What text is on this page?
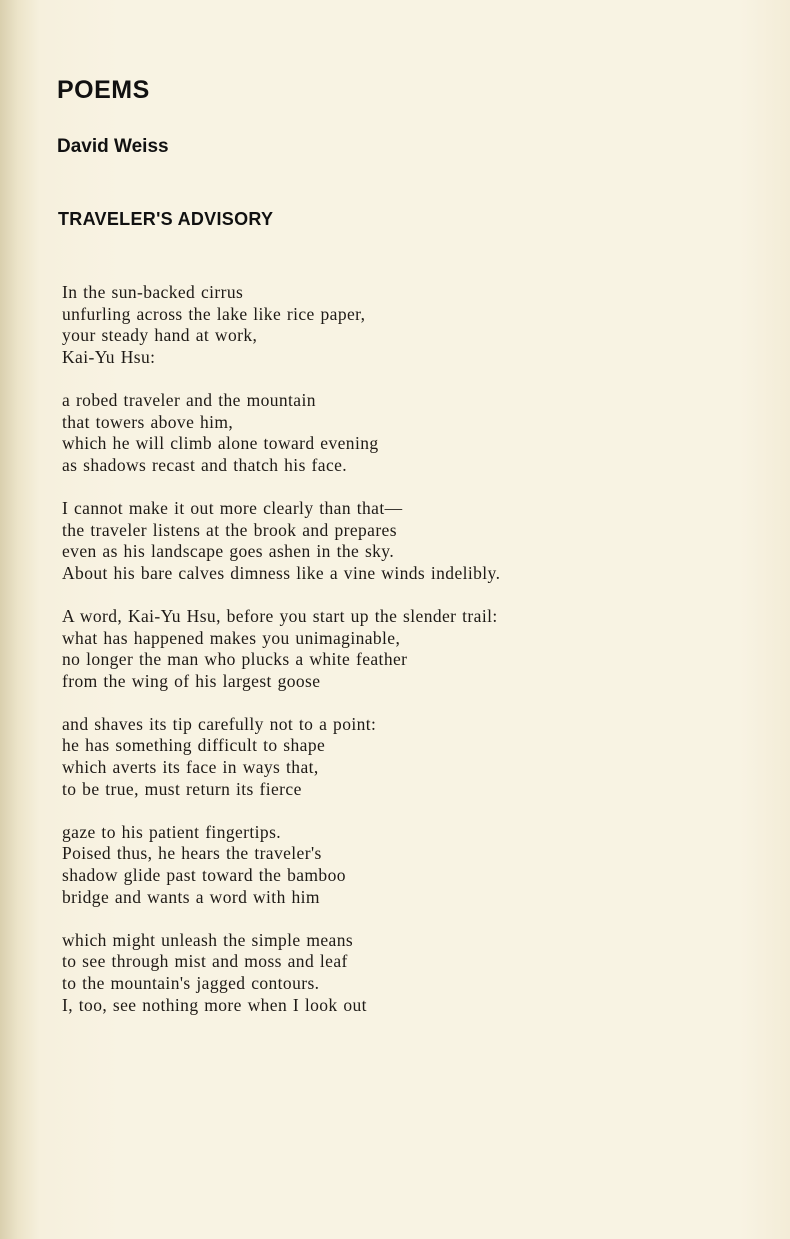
POEMS
David Weiss
TRAVELER'S ADVISORY
In the sun-backed cirrus
unfurling across the lake like rice paper,
your steady hand at work,
Kai-Yu Hsu:
a robed traveler and the mountain
that towers above him,
which he will climb alone toward evening
as shadows recast and thatch his face.
I cannot make it out more clearly than that—
the traveler listens at the brook and prepares
even as his landscape goes ashen in the sky.
About his bare calves dimness like a vine winds indelibly.
A word, Kai-Yu Hsu, before you start up the slender trail:
what has happened makes you unimaginable,
no longer the man who plucks a white feather
from the wing of his largest goose
and shaves its tip carefully not to a point:
he has something difficult to shape
which averts its face in ways that,
to be true, must return its fierce
gaze to his patient fingertips.
Poised thus, he hears the traveler's
shadow glide past toward the bamboo
bridge and wants a word with him
which might unleash the simple means
to see through mist and moss and leaf
to the mountain's jagged contours.
I, too, see nothing more when I look out
